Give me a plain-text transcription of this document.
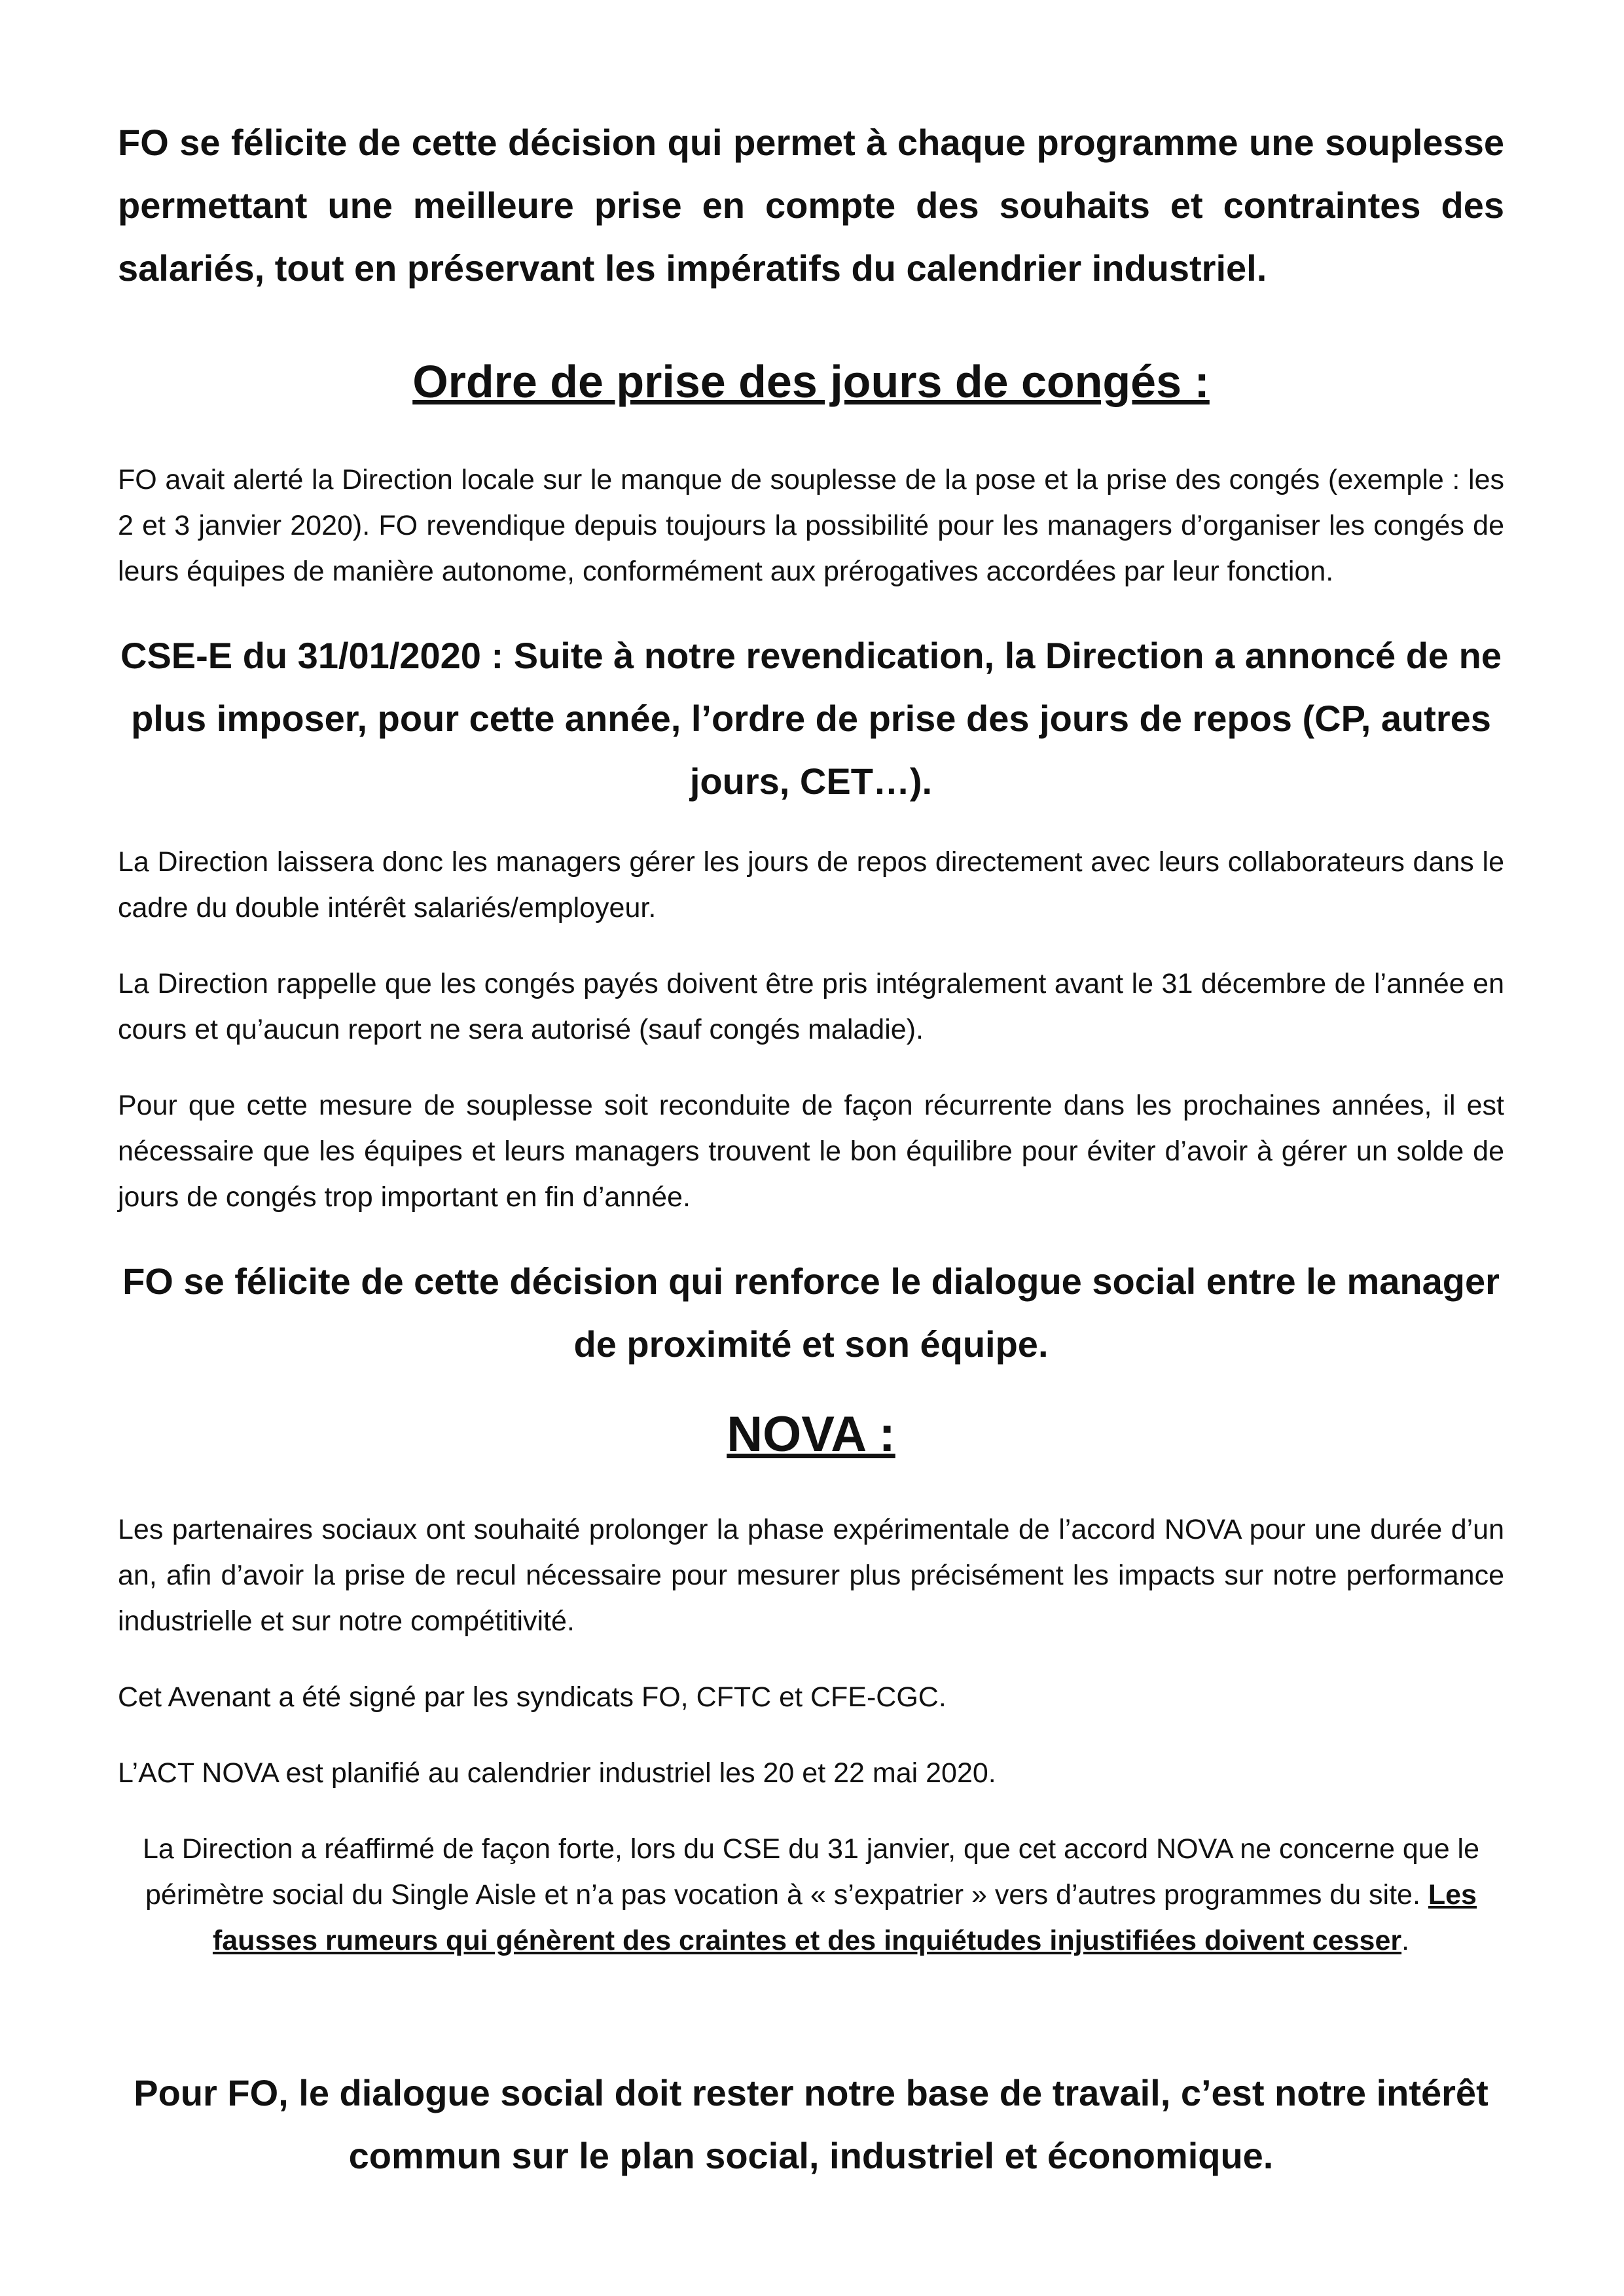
FO se félicite de cette décision qui permet à chaque programme une souplesse permettant une meilleure prise en compte des souhaits et contraintes des salariés, tout en préservant les impératifs du calendrier industriel.

Ordre de prise des jours de congés :

FO avait alerté la Direction locale sur le manque de souplesse de la pose et la prise des congés (exemple : les 2 et 3 janvier 2020). FO revendique depuis toujours la possibilité pour les managers d’organiser les congés de leurs équipes de manière autonome, conformément aux prérogatives accordées par leur fonction.

CSE-E du 31/01/2020 : Suite à notre revendication, la Direction a annoncé de ne plus imposer, pour cette année, l’ordre de prise des jours de repos (CP, autres jours, CET…).

La Direction laissera donc les managers gérer les jours de repos directement avec leurs collaborateurs dans le cadre du double intérêt salariés/employeur.

La Direction rappelle que les congés payés doivent être pris intégralement avant le 31 décembre de l’année en cours et qu’aucun report ne sera autorisé (sauf congés maladie).

Pour que cette mesure de souplesse soit reconduite de façon récurrente dans les prochaines années, il est nécessaire que les équipes et leurs managers trouvent le bon équilibre pour éviter d’avoir à gérer un solde de jours de congés trop important en fin d’année.

FO se félicite de cette décision qui renforce le dialogue social entre le manager de proximité et son équipe.

NOVA :

Les partenaires sociaux ont souhaité prolonger la phase expérimentale de l’accord NOVA pour une durée d’un an, afin d’avoir la prise de recul nécessaire pour mesurer plus précisément les impacts sur notre performance industrielle et sur notre compétitivité.

Cet Avenant a été signé par les syndicats FO, CFTC et CFE-CGC.

L’ACT NOVA est planifié au calendrier industriel les 20 et 22 mai 2020.

La Direction a réaffirmé de façon forte, lors du CSE du 31 janvier, que cet accord NOVA ne concerne que le périmètre social du Single Aisle et n’a pas vocation à « s’expatrier » vers d’autres programmes du site. Les fausses rumeurs qui génèrent des craintes et des inquiétudes injustifiées doivent cesser.

Pour FO, le dialogue social doit rester notre base de travail, c’est notre intérêt commun sur le plan social, industriel et économique.
